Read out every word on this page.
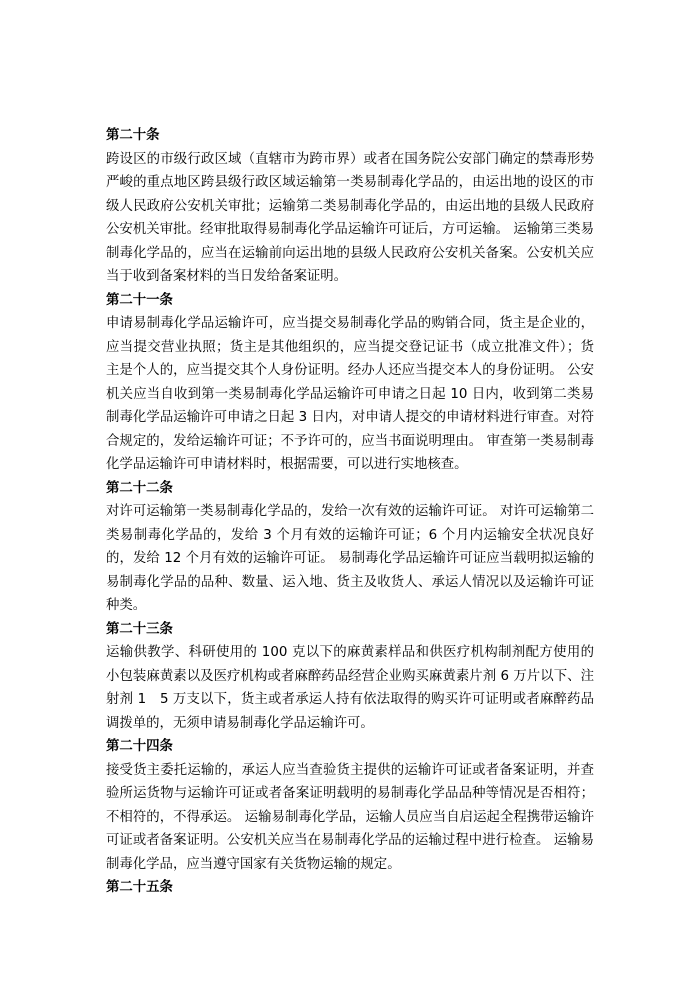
第二十条

跨设区的市级行政区域（直辖市为跨市界）或者在国务院公安部门确定的禁毒形势严峻的重点地区跨县级行政区域运输第一类易制毒化学品的，由运出地的设区的市级人民政府公安机关审批；运输第二类易制毒化学品的，由运出地的县级人民政府公安机关审批。经审批取得易制毒化学品运输许可证后，方可运输。 运输第三类易制毒化学品的，应当在运输前向运出地的县级人民政府公安机关备案。公安机关应当于收到备案材料的当日发给备案证明。

第二十一条

申请易制毒化学品运输许可，应当提交易制毒化学品的购销合同，货主是企业的，应当提交营业执照；货主是其他组织的，应当提交登记证书（成立批准文件）；货主是个人的，应当提交其个人身份证明。经办人还应当提交本人的身份证明。 公安机关应当自收到第一类易制毒化学品运输许可申请之日起 10 日内，收到第二类易制毒化学品运输许可申请之日起 3 日内，对申请人提交的申请材料进行审查。对符合规定的，发给运输许可证；不予许可的，应当书面说明理由。 审查第一类易制毒化学品运输许可申请材料时，根据需要，可以进行实地核查。

第二十二条

对许可运输第一类易制毒化学品的，发给一次有效的运输许可证。 对许可运输第二类易制毒化学品的，发给 3 个月有效的运输许可证；6 个月内运输安全状况良好的，发给 12 个月有效的运输许可证。 易制毒化学品运输许可证应当载明拟运输的易制毒化学品的品种、数量、运入地、货主及收货人、承运人情况以及运输许可证种类。

第二十三条

运输供教学、科研使用的 100 克以下的麻黄素样品和供医疗机构制剂配方使用的小包装麻黄素以及医疗机构或者麻醉药品经营企业购买麻黄素片剂 6 万片以下、注射剂 1　5 万支以下，货主或者承运人持有依法取得的购买许可证明或者麻醉药品调拨单的，无须申请易制毒化学品运输许可。

第二十四条

接受货主委托运输的，承运人应当查验货主提供的运输许可证或者备案证明，并查验所运货物与运输许可证或者备案证明载明的易制毒化学品品种等情况是否相符；不相符的，不得承运。 运输易制毒化学品，运输人员应当自启运起全程携带运输许可证或者备案证明。公安机关应当在易制毒化学品的运输过程中进行检查。 运输易制毒化学品，应当遵守国家有关货物运输的规定。

第二十五条
